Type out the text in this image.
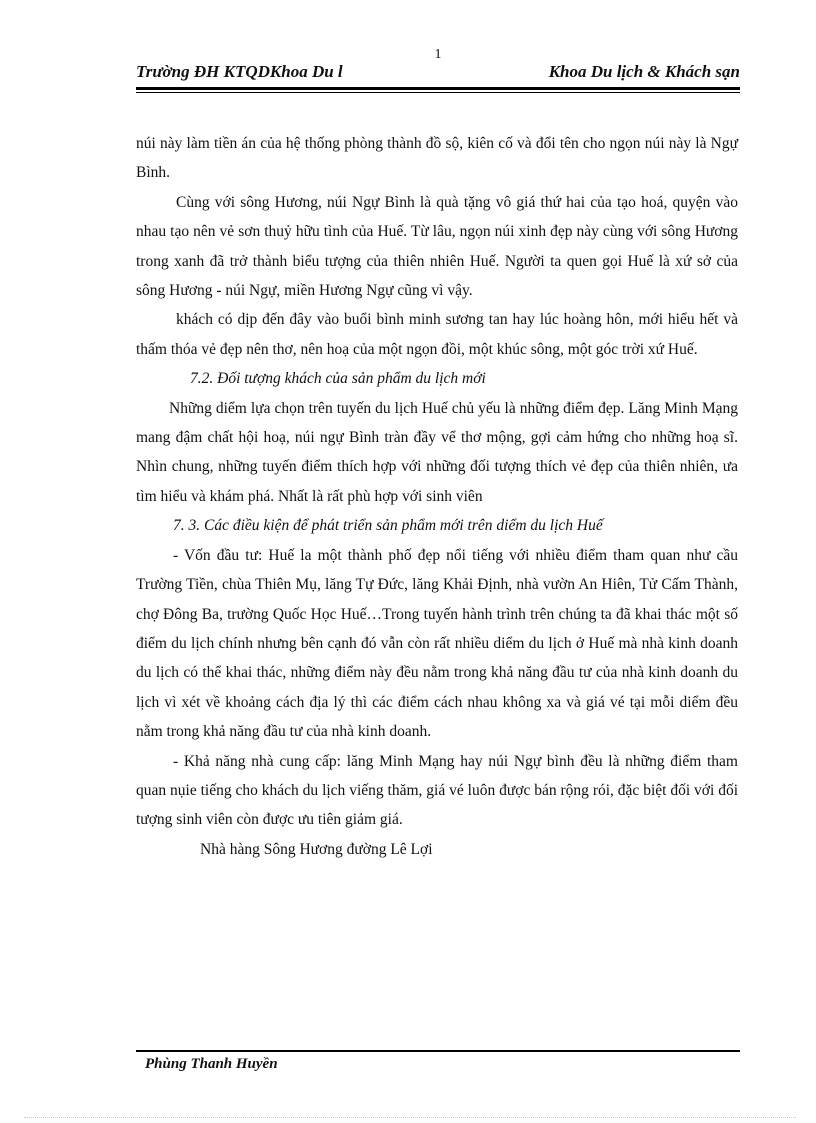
1
Trường ĐH KTQDKhoa Du l	Khoa Du lịch & Khách sạn

núi này làm tiền án của hệ thống phòng thành đồ sộ, kiên cố và đổi tên cho ngọn núi này là Ngự Bình.

Cùng với sông Hương, núi Ngự Bình là quà tặng vô giá thứ hai của tạo hoá, quyện vào nhau tạo nên vẻ sơn thuỷ hữu tình của Huế. Từ lâu, ngọn núi xinh đẹp này cùng với sông Hương trong xanh đã trở thành biểu tượng của thiên nhiên Huế. Người ta quen gọi Huế là xứ sở của sông Hương - núi Ngự, miền Hương Ngự cũng vì vậy.

khách có dịp đến đây vào buổi bình minh sương tan hay lúc hoàng hôn, mới hiểu hết và thấm thóa vẻ đẹp nên thơ, nên hoạ của một ngọn đồi, một khúc sông, một góc trời xứ Huế.

7.2. Đối tượng khách của sản phẩm du lịch mới

Những diểm lựa chọn trên tuyến du lịch Huế chủ yếu là những điểm đẹp. Lăng Minh Mạng mang đậm chất hội hoạ, núi ngự Bình tràn đầy vể thơ mộng, gợi cảm hứng cho những hoạ sĩ. Nhìn chung, những tuyến điểm thích hợp với những đối tượng thích vẻ đẹp của thiên nhiên, ưa tìm hiểu và khám phá. Nhất là rất phù hợp với sinh viên

7. 3. Các điều kiện để phát triển sản phẩm mới trên diểm du lịch Huế

- Vốn đầu tư: Huế la một thành phố đẹp nổi tiếng với nhiều điểm tham quan như cầu Trường Tiền, chùa Thiên Mụ, lăng Tự Đức, lăng Khải Định, nhà vườn An Hiên, Tử Cấm Thành, chợ Đông Ba, trường Quốc Học Huế…Trong tuyến hành trình trên chúng ta đã khai thác một số điểm du lịch chính nhưng bên cạnh đó vẫn còn rất nhiều diểm du lịch ở Huế mà nhà kinh doanh du lịch có thể khai thác, những điểm này đều nằm trong khả năng đầu tư của nhà kinh doanh du lịch vì xét về khoảng cách địa lý thì các điểm cách nhau không xa và giá vé tại mỗi diểm đều nằm trong khả năng đầu tư của nhà kinh doanh.

- Khả năng nhà cung cấp: lăng Minh Mạng hay núi Ngự bình đều là những điểm tham quan nụie tiếng cho khách du lịch viếng thăm, giá vé luôn được bán rộng rói, đặc biệt đối với đối tượng sinh viên còn được ưu tiên giảm giá.

Nhà hàng Sông Hương đường Lê Lợi

Phùng Thanh Huyền
